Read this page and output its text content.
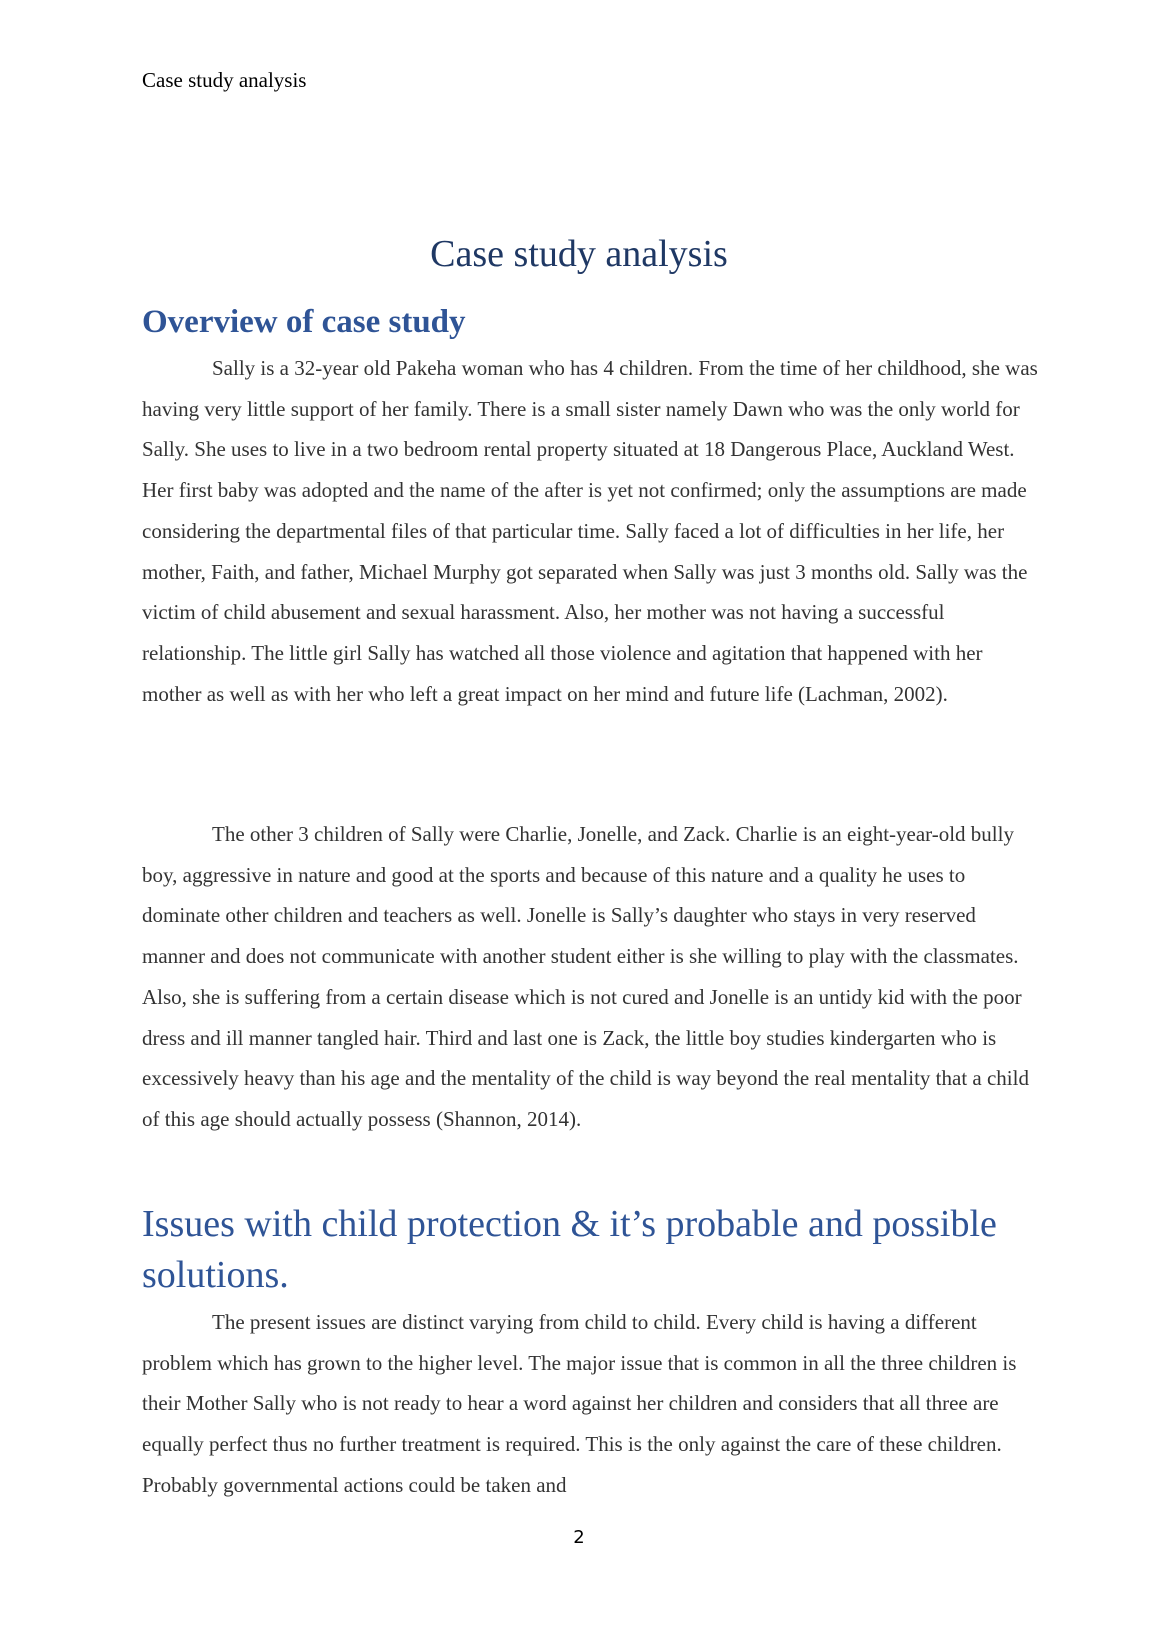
Case study analysis
Case study analysis
Overview of case study

Sally is a 32-year old Pakeha woman who has 4 children. From the time of her childhood, she was having very little support of her family. There is a small sister namely Dawn who was the only world for Sally. She uses to live in a two bedroom rental property situated at 18 Dangerous Place, Auckland West. Her first baby was adopted and the name of the after is yet not confirmed; only the assumptions are made considering the departmental files of that particular time. Sally faced a lot of difficulties in her life, her mother, Faith, and father, Michael Murphy got separated when Sally was just 3 months old. Sally was the victim of child abusement and sexual harassment. Also, her mother was not having a successful relationship. The little girl Sally has watched all those violence and agitation that happened with her mother as well as with her who left a great impact on her mind and future life (Lachman, 2002).

The other 3 children of Sally were Charlie, Jonelle, and Zack. Charlie is an eight-year-old bully boy, aggressive in nature and good at the sports and because of this nature and a quality he uses to dominate other children and teachers as well. Jonelle is Sally’s daughter who stays in very reserved manner and does not communicate with another student either is she willing to play with the classmates. Also, she is suffering from a certain disease which is not cured and Jonelle is an untidy kid with the poor dress and ill manner tangled hair. Third and last one is Zack, the little boy studies kindergarten who is excessively heavy than his age and the mentality of the child is way beyond the real mentality that a child of this age should actually possess (Shannon, 2014).

Issues with child protection & it’s probable and possible solutions.

The present issues are distinct varying from child to child. Every child is having a different problem which has grown to the higher level. The major issue that is common in all the three children is their Mother Sally who is not ready to hear a word against her children and considers that all three are equally perfect thus no further treatment is required. This is the only against the care of these children. Probably governmental actions could be taken and

2
